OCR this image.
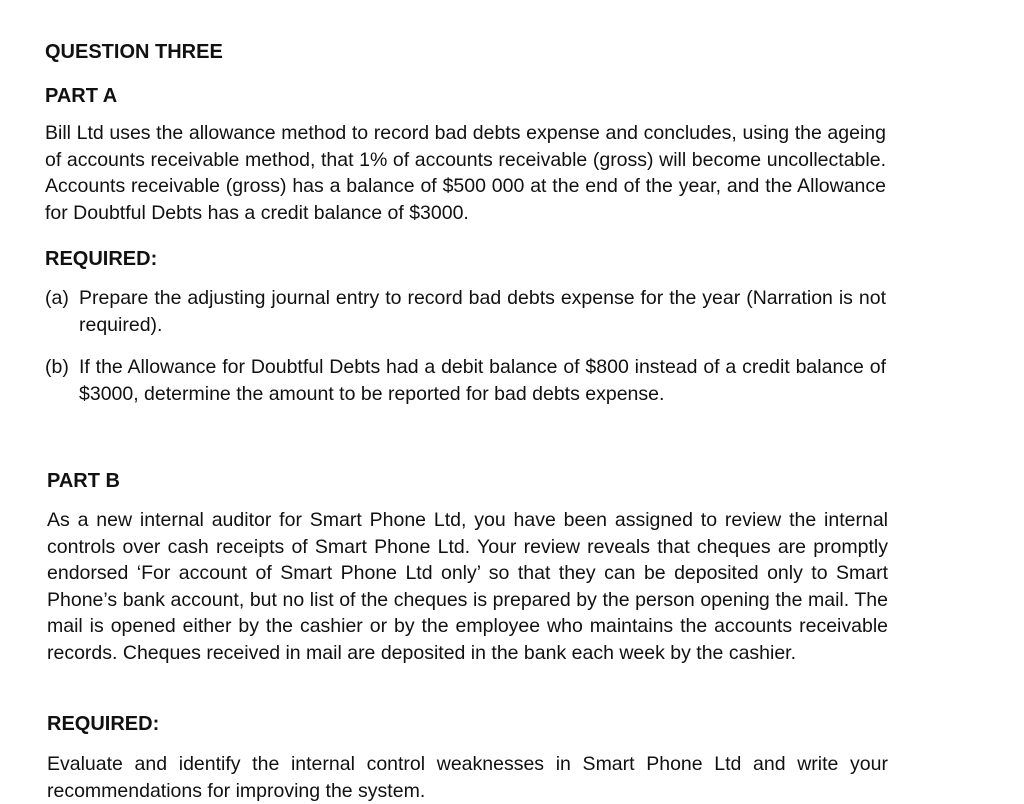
QUESTION THREE
PART A

Bill Ltd uses the allowance method to record bad debts expense and concludes, using the ageing of accounts receivable method, that 1% of accounts receivable (gross) will become uncollectable. Accounts receivable (gross) has a balance of $500 000 at the end of the year, and the Allowance for Doubtful Debts has a credit balance of $3000.

REQUIRED:
(a) Prepare the adjusting journal entry to record bad debts expense for the year (Narration is not required).
(b) If the Allowance for Doubtful Debts had a debit balance of $800 instead of a credit balance of $3000, determine the amount to be reported for bad debts expense.
PART B

As a new internal auditor for Smart Phone Ltd, you have been assigned to review the internal controls over cash receipts of Smart Phone Ltd. Your review reveals that cheques are promptly endorsed ‘For account of Smart Phone Ltd only’ so that they can be deposited only to Smart Phone’s bank account, but no list of the cheques is prepared by the person opening the mail. The mail is opened either by the cashier or by the employee who maintains the accounts receivable records. Cheques received in mail are deposited in the bank each week by the cashier.

REQUIRED:

Evaluate and identify the internal control weaknesses in Smart Phone Ltd and write your recommendations for improving the system.
